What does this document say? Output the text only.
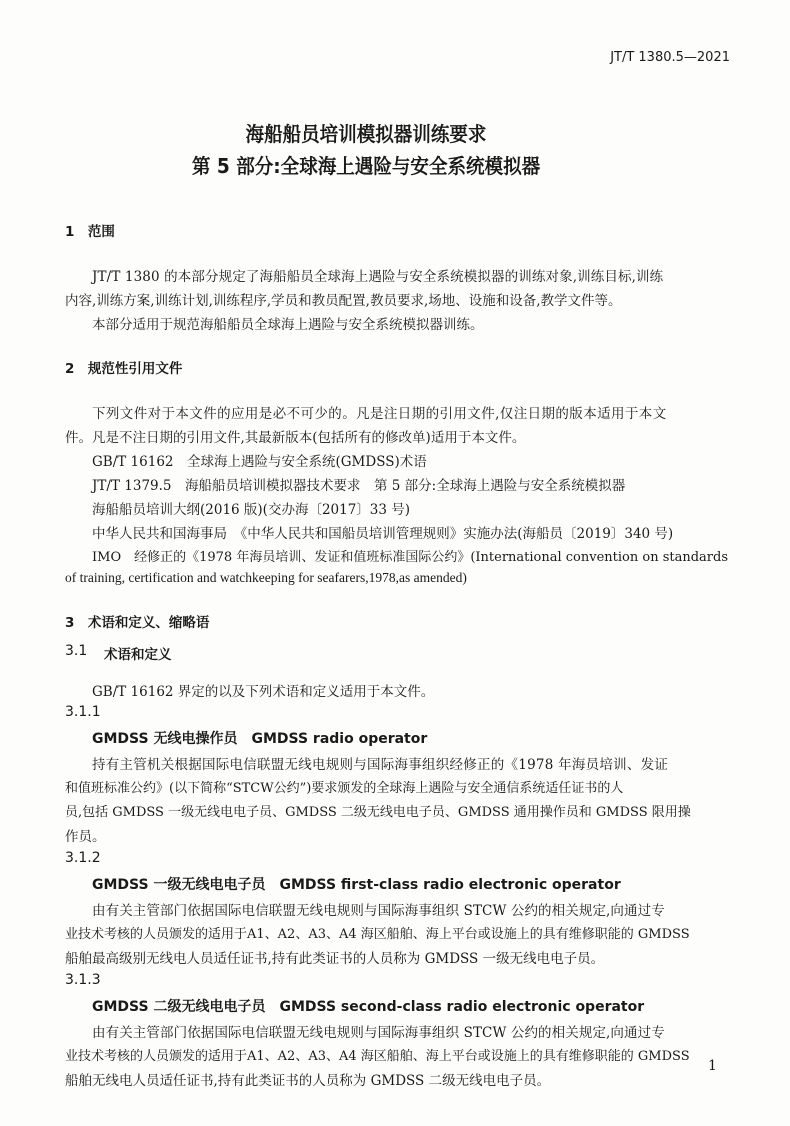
JT/T 1380.5—2021
海船船员培训模拟器训练要求
第 5 部分:全球海上遇险与安全系统模拟器
1　范围
JT/T 1380 的本部分规定了海船船员全球海上遇险与安全系统模拟器的训练对象,训练目标,训练
内容,训练方案,训练计划,训练程序,学员和教员配置,教员要求,场地、设施和设备,教学文件等。
本部分适用于规范海船船员全球海上遇险与安全系统模拟器训练。
2　规范性引用文件
下列文件对于本文件的应用是必不可少的。凡是注日期的引用文件,仅注日期的版本适用于本文
件。凡是不注日期的引用文件,其最新版本(包括所有的修改单)适用于本文件。
GB/T 16162　全球海上遇险与安全系统(GMDSS)术语
JT/T 1379.5　海船船员培训模拟器技术要求　第 5 部分:全球海上遇险与安全系统模拟器
海船船员培训大纲(2016 版)(交办海〔2017〕33 号)
中华人民共和国海事局　《中华人民共和国船员培训管理规则》实施办法(海船员〔2019〕340 号)
IMO　经修正的《1978 年海员培训、发证和值班标准国际公约》(International convention on standards
of training, certification and watchkeeping for seafarers,1978,as amended)
3　术语和定义、缩略语
3.1 术语和定义
GB/T 16162 界定的以及下列术语和定义适用于本文件。
3.1.1
GMDSS 无线电操作员　GMDSS radio operator
持有主管机关根据国际电信联盟无线电规则与国际海事组织经修正的《1978 年海员培训、发证
和值班标准公约》(以下简称“STCW公约”)要求颁发的全球海上遇险与安全通信系统适任证书的人
员,包括 GMDSS 一级无线电电子员、GMDSS 二级无线电电子员、GMDSS 通用操作员和 GMDSS 限用操
作员。
3.1.2
GMDSS 一级无线电电子员　GMDSS first-class radio electronic operator
由有关主管部门依据国际电信联盟无线电规则与国际海事组织 STCW 公约的相关规定,向通过专
业技术考核的人员颁发的适用于A1、A2、A3、A4 海区船舶、海上平台或设施上的具有维修职能的 GMDSS
船舶最高级别无线电人员适任证书,持有此类证书的人员称为 GMDSS 一级无线电电子员。
3.1.3
GMDSS 二级无线电电子员　GMDSS second-class radio electronic operator
由有关主管部门依据国际电信联盟无线电规则与国际海事组织 STCW 公约的相关规定,向通过专
业技术考核的人员颁发的适用于A1、A2、A3、A4 海区船舶、海上平台或设施上的具有维修职能的 GMDSS
船舶无线电人员适任证书,持有此类证书的人员称为 GMDSS 二级无线电电子员。
1
